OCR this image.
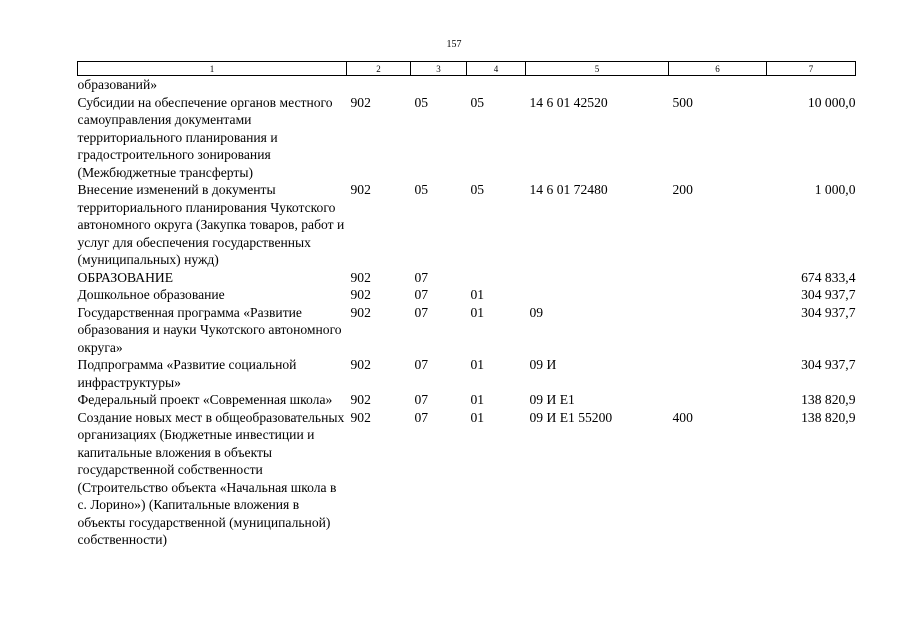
157
1	2	3	4	5	6	7
образований»						
Субсидии на обеспечение органов местного самоуправления документами территориального планирования и градостроительного зонирования (Межбюджетные трансферты)	902	05	05	14 6 01 42520	500	10 000,0
Внесение изменений в документы территориального планирования Чукотского автономного округа (Закупка товаров, работ и услуг для обеспечения государственных (муниципальных) нужд)	902	05	05	14 6 01 72480	200	1 000,0
ОБРАЗОВАНИЕ	902	07				674 833,4
Дошкольное образование	902	07	01			304 937,7
Государственная программа «Развитие образования и науки Чукотского автономного округа»	902	07	01	09		304 937,7
Подпрограмма «Развитие социальной инфраструктуры»	902	07	01	09 И		304 937,7
Федеральный проект «Современная школа»	902	07	01	09 И Е1		138 820,9
Создание новых мест в общеобразовательных организациях (Бюджетные инвестиции и капитальные вложения в объекты государственной собственности (Строительство объекта «Начальная школа в с. Лорино») (Капитальные вложения в объекты государственной (муниципальной) собственности)	902	07	01	09 И Е1 55200	400	138 820,9
